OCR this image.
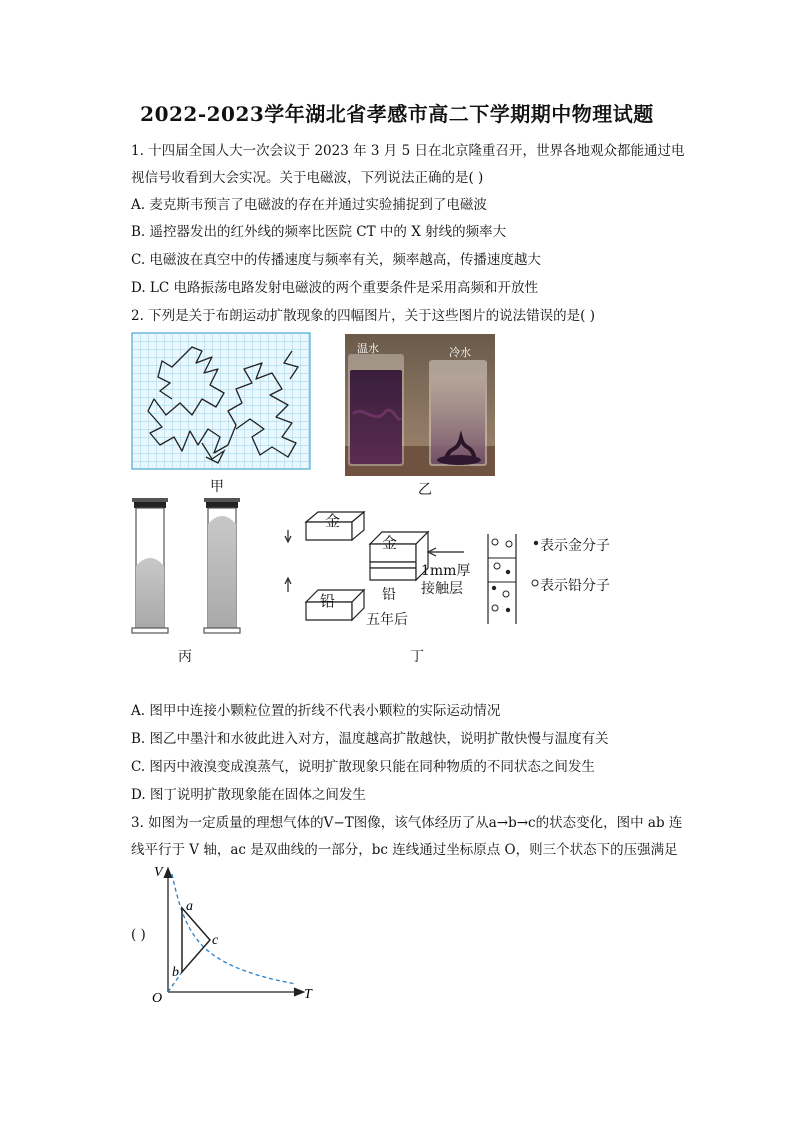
2022-2023学年湖北省孝感市高二下学期期中物理试题
1. 十四届全国人大一次会议于 2023 年 3 月 5 日在北京隆重召开，世界各地观众都能通过电
视信号收看到大会实况。关于电磁波，下列说法正确的是( )
A. 麦克斯韦预言了电磁波的存在并通过实验捕捉到了电磁波
B. 遥控器发出的红外线的频率比医院 CT 中的 X 射线的频率大
C. 电磁波在真空中的传播速度与频率有关，频率越高，传播速度越大
D. LC 电路振荡电路发射电磁波的两个重要条件是采用高频和开放性
2. 下列是关于布朗运动扩散现象的四幅图片，关于这些图片的说法错误的是( )
甲
温水	冷水
乙
丙
金
铅
金
铅
五年后
1mm厚
接触层
表示金分子
表示铅分子
丁
A. 图甲中连接小颗粒位置的折线不代表小颗粒的实际运动情况
B. 图乙中墨汁和水彼此进入对方，温度越高扩散越快，说明扩散快慢与温度有关
C. 图丙中液溴变成溴蒸气，说明扩散现象只能在同种物质的不同状态之间发生
D. 图丁说明扩散现象能在固体之间发生
3. 如图为一定质量的理想气体的V−T图像，该气体经历了从a→b→c的状态变化，图中 ab 连
线平行于 V 轴，ac 是双曲线的一部分，bc 连线通过坐标原点 O，则三个状态下的压强满足
( )
V
T
O
a
b
c
